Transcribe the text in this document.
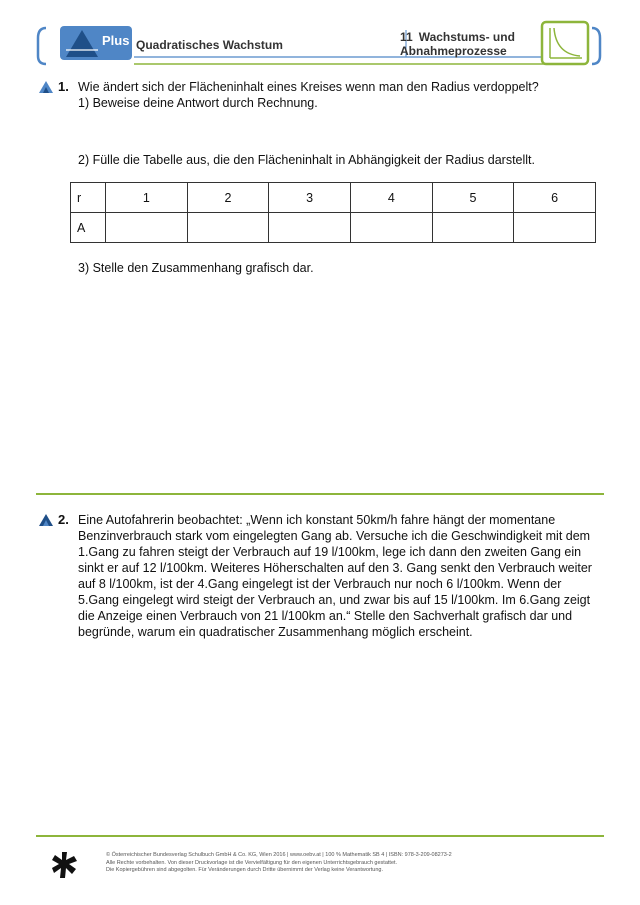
Plus Quadratisches Wachstum
11 Wachstums- und
Abnahmeprozesse
1. Wie ändert sich der Flächeninhalt eines Kreises wenn man den Radius verdoppelt?
1) Beweise deine Antwort durch Rechnung.
2) Fülle die Tabelle aus, die den Flächeninhalt in Abhängigkeit der Radius darstellt.
r	1	2	3	4	5	6
A						
3) Stelle den Zusammenhang grafisch dar.
2. Eine Autofahrerin beobachtet: „Wenn ich konstant 50km/h fahre hängt der momentane
Benzinverbrauch stark vom eingelegten Gang ab. Versuche ich die Geschwindigkeit mit dem
1.Gang zu fahren steigt der Verbrauch auf 19 l/100km, lege ich dann den zweiten Gang ein
sinkt er auf 12 l/100km. Weiteres Höherschalten auf den 3. Gang senkt den Verbrauch weiter
auf 8 l/100km, ist der 4.Gang eingelegt ist der Verbrauch nur noch 6 l/100km. Wenn der
5.Gang eingelegt wird steigt der Verbrauch an, und zwar bis auf 15 l/100km. Im 6.Gang zeigt
die Anzeige einen Verbrauch von 21 l/100km an.“ Stelle den Sachverhalt grafisch dar und
begründe, warum ein quadratischer Zusammenhang möglich erscheint.
© Österreichischer Bundesverlag Schulbuch GmbH & Co. KG, Wien 2016 | www.oebv.at | 100 % Mathematik SB 4 | ISBN: 978-3-209-08273-2
Alle Rechte vorbehalten. Von dieser Druckvorlage ist die Vervielfältigung für den eigenen Unterrichtsgebrauch gestattet.
Die Kopiergebühren sind abgegolten. Für Veränderungen durch Dritte übernimmt der Verlag keine Verantwortung.
